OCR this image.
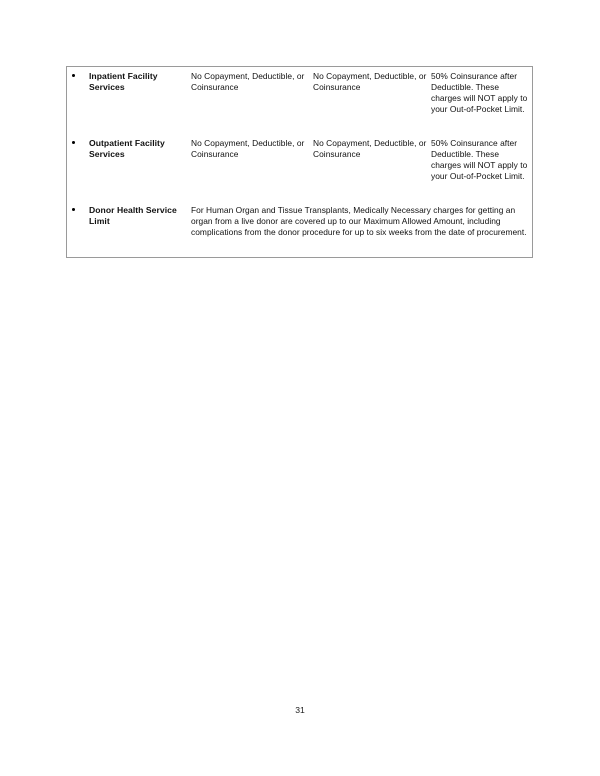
Inpatient Facility Services
No Copayment, Deductible, or Coinsurance
No Copayment, Deductible, or Coinsurance
50% Coinsurance after Deductible. These charges will NOT apply to your Out-of-Pocket Limit.
Outpatient Facility Services
No Copayment, Deductible, or Coinsurance
No Copayment, Deductible, or Coinsurance
50% Coinsurance after Deductible. These charges will NOT apply to your Out-of-Pocket Limit.
Donor Health Service Limit

For Human Organ and Tissue Transplants, Medically Necessary charges for getting an organ from a live donor are covered up to our Maximum Allowed Amount, including complications from the donor procedure for up to six weeks from the date of procurement.

31
